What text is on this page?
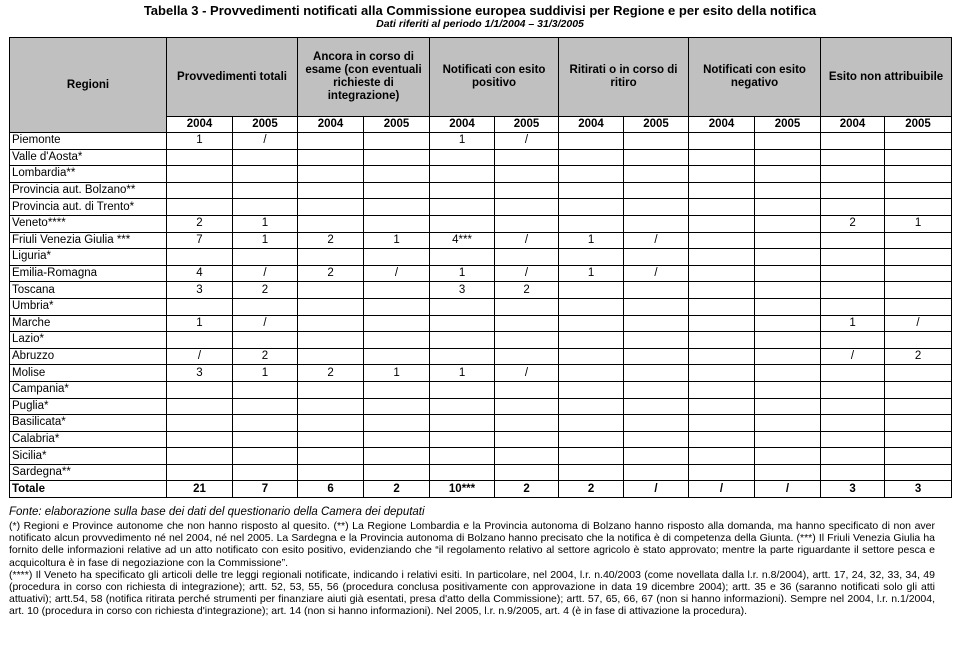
Tabella 3 - Provvedimenti notificati alla Commissione europea suddivisi per Regione e per esito della notifica
Dati riferiti al periodo 1/1/2004 – 31/3/2005
Regioni	Provvedimenti totali		Ancora in corso di esame (con eventuali richieste di integrazione)		Notificati con esito positivo		Ritirati o in corso di ritiro		Notificati con esito negativo		Esito non attribuibile	
	2004	2005	2004	2005	2004	2005	2004	2005	2004	2005	2004	2005
Piemonte	1	/			1	/						
Valle d'Aosta*												
Lombardia**												
Provincia aut. Bolzano**												
Provincia aut. di Trento*												
Veneto****	2	1									2	1
Friuli Venezia Giulia ***	7	1	2	1	4***	/	1	/				
Liguria*												
Emilia-Romagna	4	/	2	/	1	/	1	/				
Toscana	3	2			3	2						
Umbria*												
Marche	1	/									1	/
Lazio*												
Abruzzo	/	2									/	2
Molise	3	1	2	1	1	/						
Campania*												
Puglia*												
Basilicata*												
Calabria*												
Sicilia*												
Sardegna**												
Totale	21	7	6	2	10***	2	2	/	/	/	3	3
Fonte: elaborazione sulla base dei dati del questionario della Camera dei deputati

(*) Regioni e Province autonome che non hanno risposto al quesito. (**) La Regione Lombardia e la Provincia autonoma di Bolzano hanno risposto alla domanda, ma hanno specificato di non aver notificato alcun provvedimento né nel 2004, né nel 2005. La Sardegna e la Provincia autonoma di Bolzano hanno precisato che la notifica è di competenza della Giunta. (***) Il Friuli Venezia Giulia ha fornito delle informazioni relative ad un atto notificato con esito positivo, evidenziando che “il regolamento relativo al settore agricolo è stato approvato; mentre la parte riguardante il settore pesca e acquicoltura è in fase di negoziazione con la Commissione”.

(****) Il Veneto ha specificato gli articoli delle tre leggi regionali notificate, indicando i relativi esiti. In particolare, nel 2004, l.r. n.40/2003 (come novellata dalla l.r. n.8/2004), artt. 17, 24, 32, 33, 34, 49 (procedura in corso con richiesta di integrazione); artt. 52, 53, 55, 56 (procedura conclusa positivamente con approvazione in data 19 dicembre 2004); artt. 35 e 36 (saranno notificati solo gli atti attuativi); artt.54, 58 (notifica ritirata perché strumenti per finanziare aiuti già esentati, presa d'atto della Commissione); artt. 57, 65, 66, 67 (non si hanno informazioni). Sempre nel 2004, l.r. n.1/2004, art. 10 (procedura in corso con richiesta d'integrazione); art. 14 (non si hanno informazioni). Nel 2005, l.r. n.9/2005, art. 4 (è in fase di attivazione la procedura).
